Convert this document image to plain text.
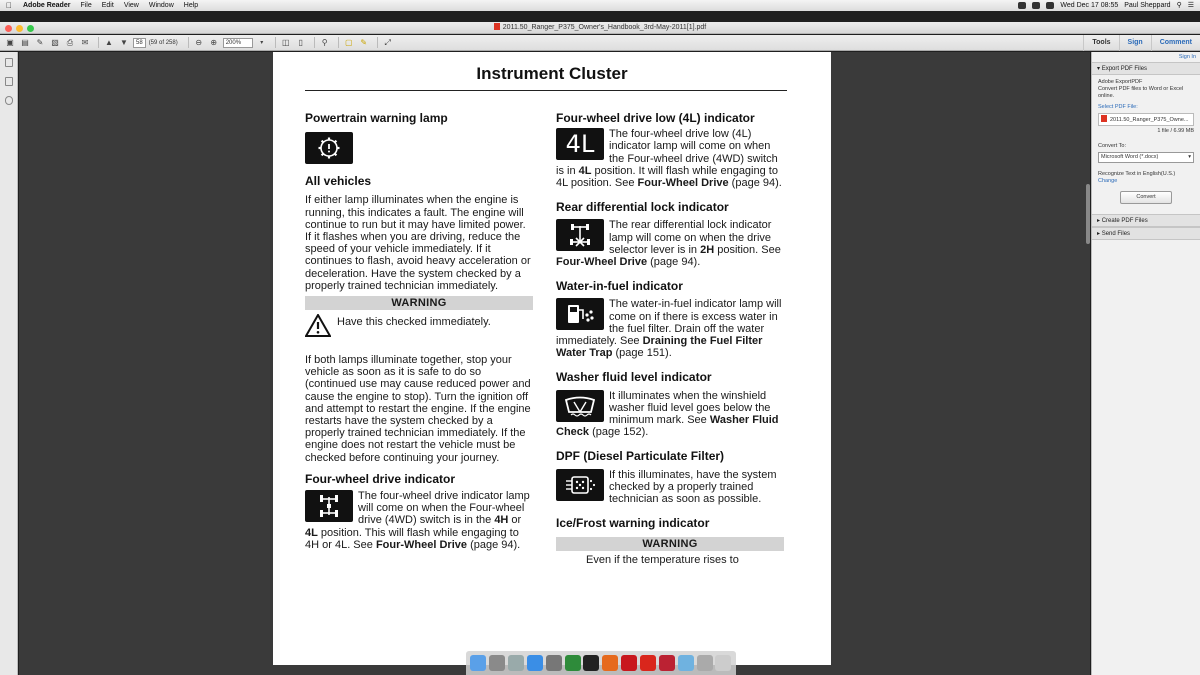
Adobe Reader	File	Edit	View	Window	Help	Wed Dec 17 08:55 Paul Sheppard ⚲ ☰
2011.50_Ranger_P375_Owner's_Handbook_3rd-May-2011[1].pdf
▣ ▤ ✎ ▧	⎙	✉	▲ ▼	58	(59 of 258)	⊖	⊕	200%	▾	◫	▯	⚲	▢ ✎	⤢	Tools	Sign	Comment
Instrument Cluster
Powertrain warning lamp
All vehicles
If either lamp illuminates when the engine is running, this indicates a fault. The engine will continue to run but it may have limited power. If it flashes when you are driving, reduce the speed of your vehicle immediately. If it continues to flash, avoid heavy acceleration or deceleration. Have the system checked by a properly trained technician immediately.
WARNING
Have this checked immediately.
If both lamps illuminate together, stop your vehicle as soon as it is safe to do so (continued use may cause reduced power and cause the engine to stop). Turn the ignition off and attempt to restart the engine. If the engine restarts have the system checked by a properly trained technician immediately. If the engine does not restart the vehicle must be checked before continuing your journey.
Four-wheel drive indicator
The four-wheel drive indicator lamp will come on when the Four-wheel drive (4WD) switch is in the 4H or 4L position. This will flash while engaging to 4H or 4L. See Four-Wheel Drive (page 94).
Four-wheel drive low (4L) indicator
4L	The four-wheel drive low (4L) indicator lamp will come on when the Four-wheel drive (4WD) switch is in 4L position. It will flash while engaging to 4L position. See Four-Wheel Drive (page 94).
Rear differential lock indicator
The rear differential lock indicator lamp will come on when the drive selector lever is in 2H position. See Four-Wheel Drive (page 94).
Water-in-fuel indicator
The water-in-fuel indicator lamp will come on if there is excess water in the fuel filter. Drain off the water immediately. See Draining the Fuel Filter Water Trap (page 151).
Washer fluid level indicator
It illuminates when the winshield washer fluid level goes below the minimum mark. See Washer Fluid Check (page 152).
DPF (Diesel Particulate Filter)
If this illuminates, have the system checked by a properly trained technician as soon as possible.
Ice/Frost warning indicator
WARNING
Even if the temperature rises to
Sign In
▾ Export PDF Files
Adobe ExportPDF
Convert PDF files to Word or Excel online.
Select PDF File:
2011.50_Ranger_P375_Owne...
1 file / 6.99 MB
Convert To:
Microsoft Word (*.docx)	▾
Recognize Text in English(U.S.)
Change
Convert
▸ Create PDF Files
▸ Send Files
